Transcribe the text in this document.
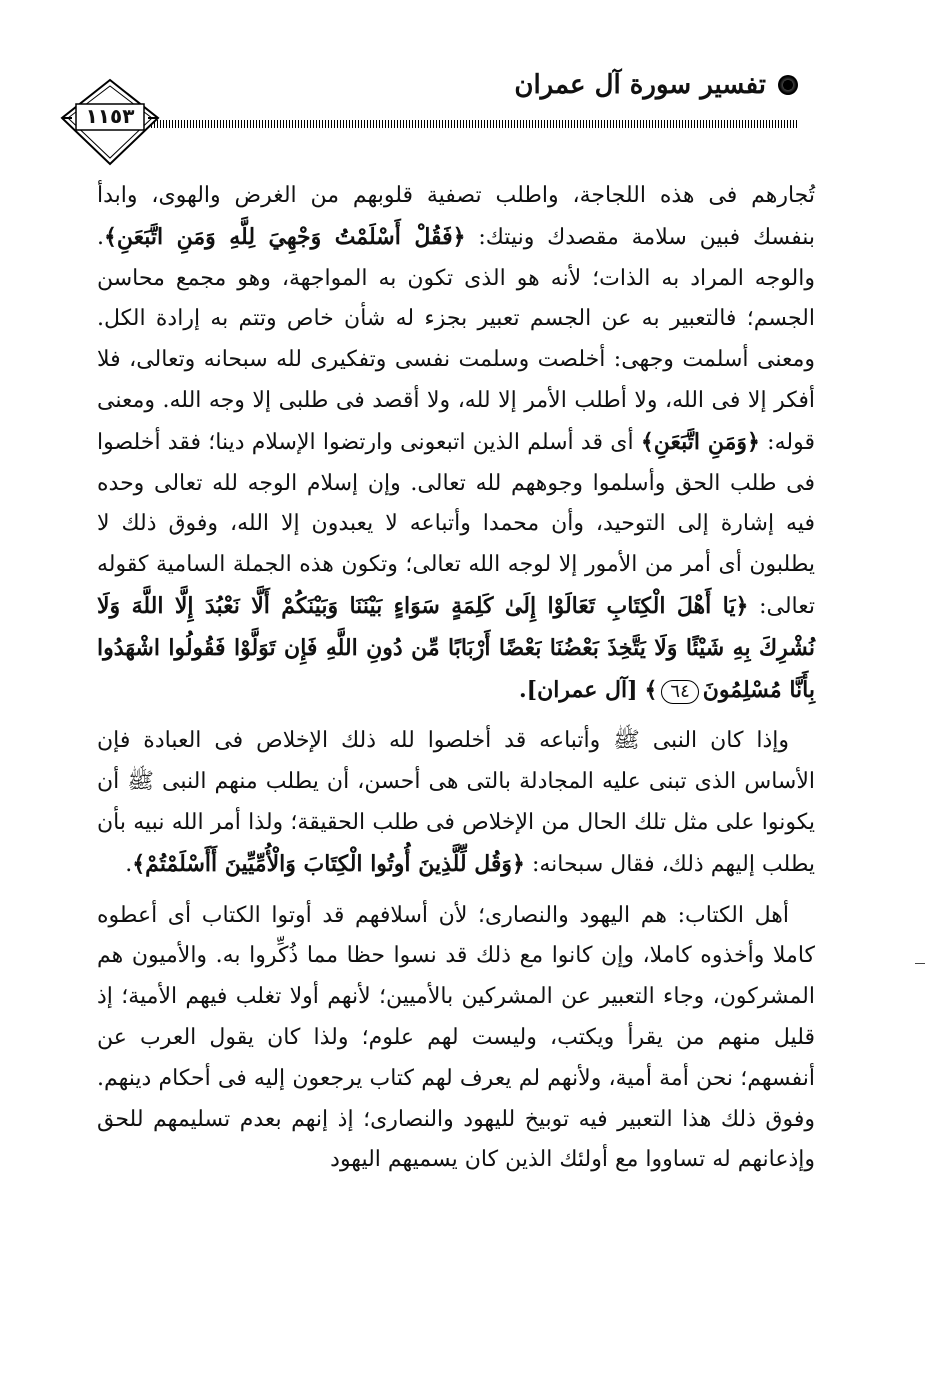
تفسير سورة آل عمران
١١٥٣

تُجارهم فى هذه اللجاجة، واطلب تصفية قلوبهم من الغرض والهوى، وابدأ بنفسك فبين سلامة مقصدك ونيتك: ﴿فَقُلْ أَسْلَمْتُ وَجْهِيَ لِلَّهِ وَمَنِ اتَّبَعَنِ﴾. والوجه المراد به الذات؛ لأنه هو الذى تكون به المواجهة، وهو مجمع محاسن الجسم؛ فالتعبير به عن الجسم تعبير بجزء له شأن خاص وتتم به إرادة الكل. ومعنى أسلمت وجهى: أخلصت وسلمت نفسى وتفكيرى لله سبحانه وتعالى، فلا أفكر إلا فى الله، ولا أطلب الأمر إلا لله، ولا أقصد فى طلبى إلا وجه الله. ومعنى قوله: ﴿وَمَنِ اتَّبَعَنِ﴾ أى قد أسلم الذين اتبعونى وارتضوا الإسلام دينا؛ فقد أخلصوا فى طلب الحق وأسلموا وجوههم لله تعالى. وإن إسلام الوجه لله تعالى وحده فيه إشارة إلى التوحيد، وأن محمدا وأتباعه لا يعبدون إلا الله، وفوق ذلك لا يطلبون أى أمر من الأمور إلا لوجه الله تعالى؛ وتكون هذه الجملة السامية كقوله تعالى: ﴿يَا أَهْلَ الْكِتَابِ تَعَالَوْا إِلَىٰ كَلِمَةٍ سَوَاءٍ بَيْنَنَا وَبَيْنَكُمْ أَلَّا نَعْبُدَ إِلَّا اللَّهَ وَلَا نُشْرِكَ بِهِ شَيْئًا وَلَا يَتَّخِذَ بَعْضُنَا بَعْضًا أَرْبَابًا مِّن دُونِ اللَّهِ فَإِن تَوَلَّوْا فَقُولُوا اشْهَدُوا بِأَنَّا مُسْلِمُونَ٦٤﴾ [آل عمران].

وإذا كان النبى ﷺ وأتباعه قد أخلصوا لله ذلك الإخلاص فى العبادة فإن الأساس الذى تبنى عليه المجادلة بالتى هى أحسن، أن يطلب منهم النبى ﷺ أن يكونوا على مثل تلك الحال من الإخلاص فى طلب الحقيقة؛ ولذا أمر الله نبيه بأن يطلب إليهم ذلك، فقال سبحانه: ﴿وَقُل لِّلَّذِينَ أُوتُوا الْكِتَابَ وَالْأُمِّيِّينَ أَأَسْلَمْتُمْ﴾.

أهل الكتاب: هم اليهود والنصارى؛ لأن أسلافهم قد أوتوا الكتاب أى أعطوه كاملا وأخذوه كاملا، وإن كانوا مع ذلك قد نسوا حظا مما ذُكِّروا به. والأميون هم المشركون، وجاء التعبير عن المشركين بالأميين؛ لأنهم أولا تغلب فيهم الأمية؛ إذ قليل منهم من يقرأ ويكتب، وليست لهم علوم؛ ولذا كان يقول العرب عن أنفسهم؛ نحن أمة أمية، ولأنهم لم يعرف لهم كتاب يرجعون إليه فى أحكام دينهم. وفوق ذلك هذا التعبير فيه توبيخ لليهود والنصارى؛ إذ إنهم بعدم تسليمهم للحق وإذعانهم له تساووا مع أولئك الذين كان يسميهم اليهود
